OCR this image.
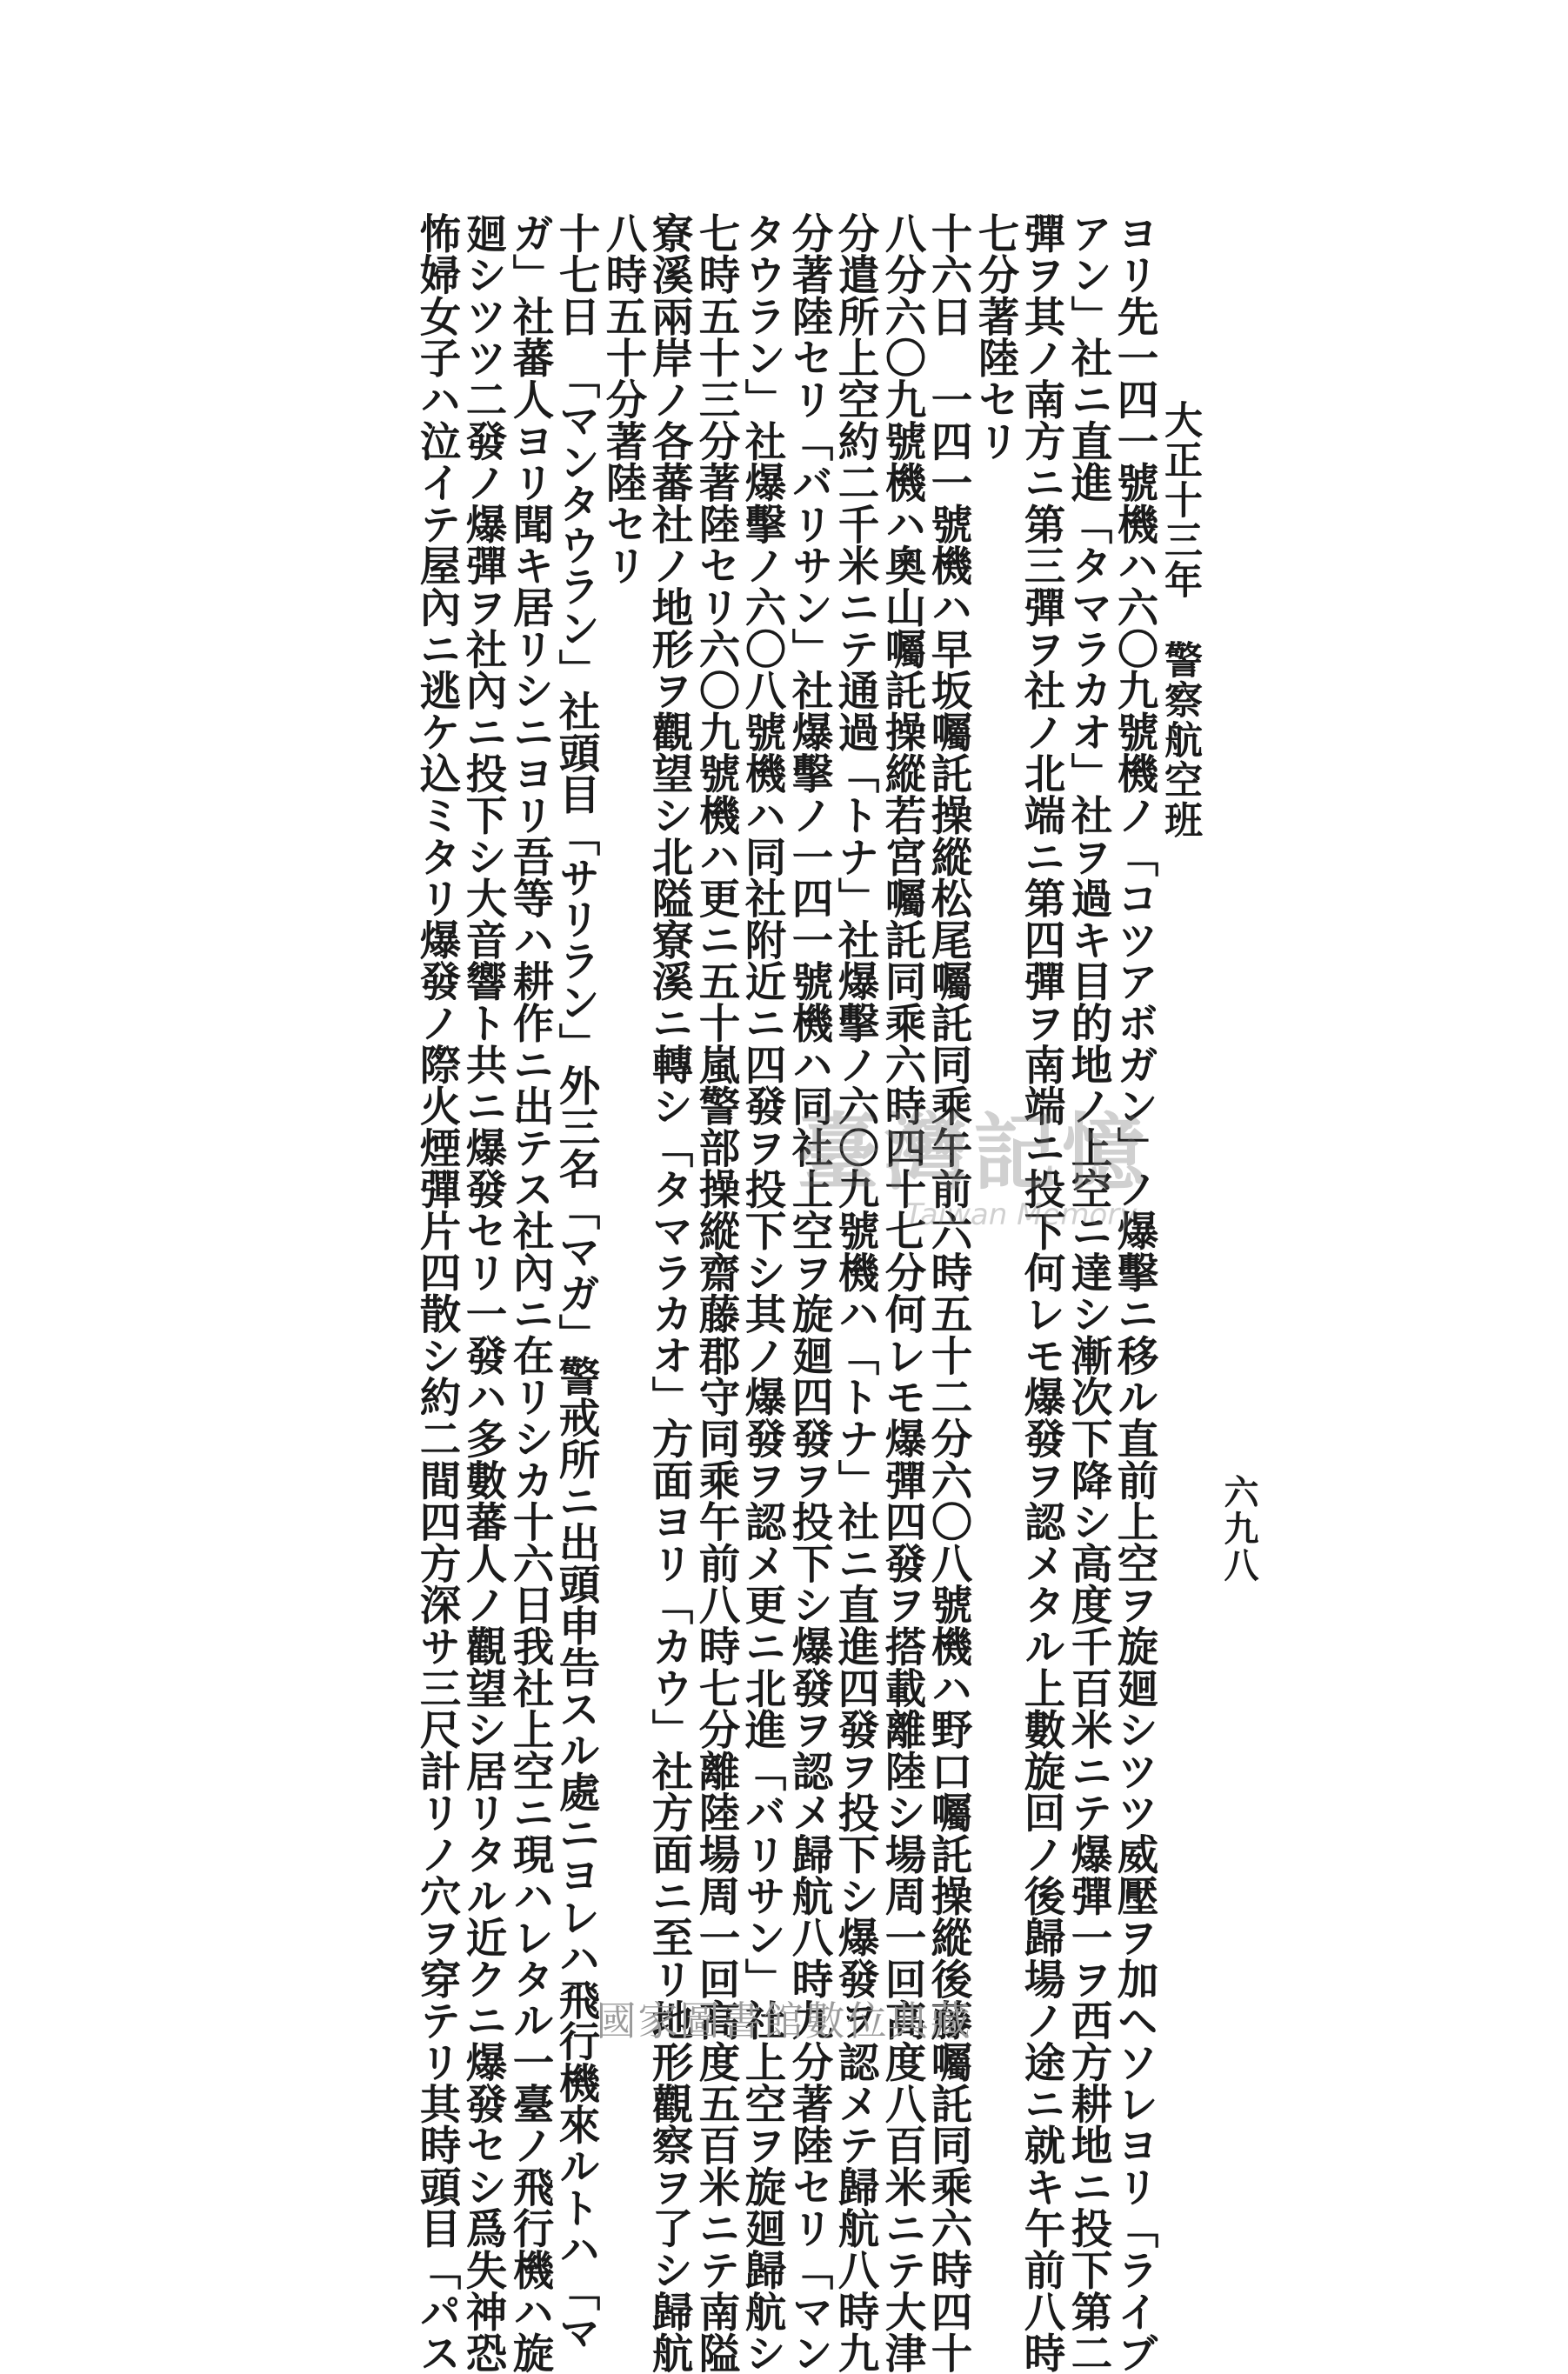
大正十三年　警察航空班
六九八
ヨリ先一四一號機ハ六〇九號機ノ「コツアボガン」ノ爆擊ニ移ル直前上空ヲ旋廻シツツ威壓ヲ加ヘソレヨリ「ライブ
アン」社ニ直進「タマラカオ」社ヲ過キ目的地ノ上空ニ達シ漸次下降シ高度千百米ニテ爆彈一ヲ西方耕地ニ投下第二
彈ヲ其ノ南方ニ第三彈ヲ社ノ北端ニ第四彈ヲ南端ニ投下何レモ爆發ヲ認メタル上數旋回ノ後歸場ノ途ニ就キ午前八時
七分著陸セリ
十六日　一四一號機ハ早坂囑託操縱松尾囑託同乘午前六時五十二分六〇八號機ハ野口囑託操縱後藤囑託同乘六時四十
八分六〇九號機ハ奧山囑託操縱若宮囑託同乘六時四十七分何レモ爆彈四發ヲ搭載離陸シ場周一回高度八百米ニテ大津
分遣所上空約二千米ニテ通過「トナ」社爆擊ノ六〇九號機ハ「トナ」社ニ直進四發ヲ投下シ爆發ヲ認メテ歸航八時九
分著陸セリ「バリサン」社爆擊ノ一四一號機ハ同社上空ヲ旋廻四發ヲ投下シ爆發ヲ認メ歸航八時九分著陸セリ「マン
タウラン」社爆擊ノ六〇八號機ハ同社附近ニ四發ヲ投下シ其ノ爆發ヲ認メ更ニ北進「バリサン」社上空ヲ旋廻歸航シ
七時五十三分著陸セリ六〇九號機ハ更ニ五十嵐警部操縱齋藤郡守同乘午前八時七分離陸場周一回高度五百米ニテ南隘
寮溪兩岸ノ各蕃社ノ地形ヲ觀望シ北隘寮溪ニ轉シ「タマラカオ」方面ヨリ「カウ」社方面ニ至リ地形觀察ヲ了シ歸航
八時五十分著陸セリ
十七日　「マンタウラン」社頭目「サリラン」外三名「マガ」警戒所ニ出頭申告スル處ニヨレハ飛行機來ルトハ「マ
ガ」社蕃人ヨリ聞キ居リシニヨリ吾等ハ耕作ニ出テス社內ニ在リシカ十六日我社上空ニ現ハレタル一臺ノ飛行機ハ旋
廻シツツ二發ノ爆彈ヲ社內ニ投下シ大音響ト共ニ爆發セリ一發ハ多數蕃人ノ觀望シ居リタル近クニ爆發セシ爲失神恐
怖婦女子ハ泣イテ屋內ニ逃ケ込ミタリ爆發ノ際火煙彈片四散シ約二間四方深サ三尺計リノ穴ヲ穿テリ其時頭目「パス	臺灣記憶
Taiwan Memory
國家圖書館數位典藏
